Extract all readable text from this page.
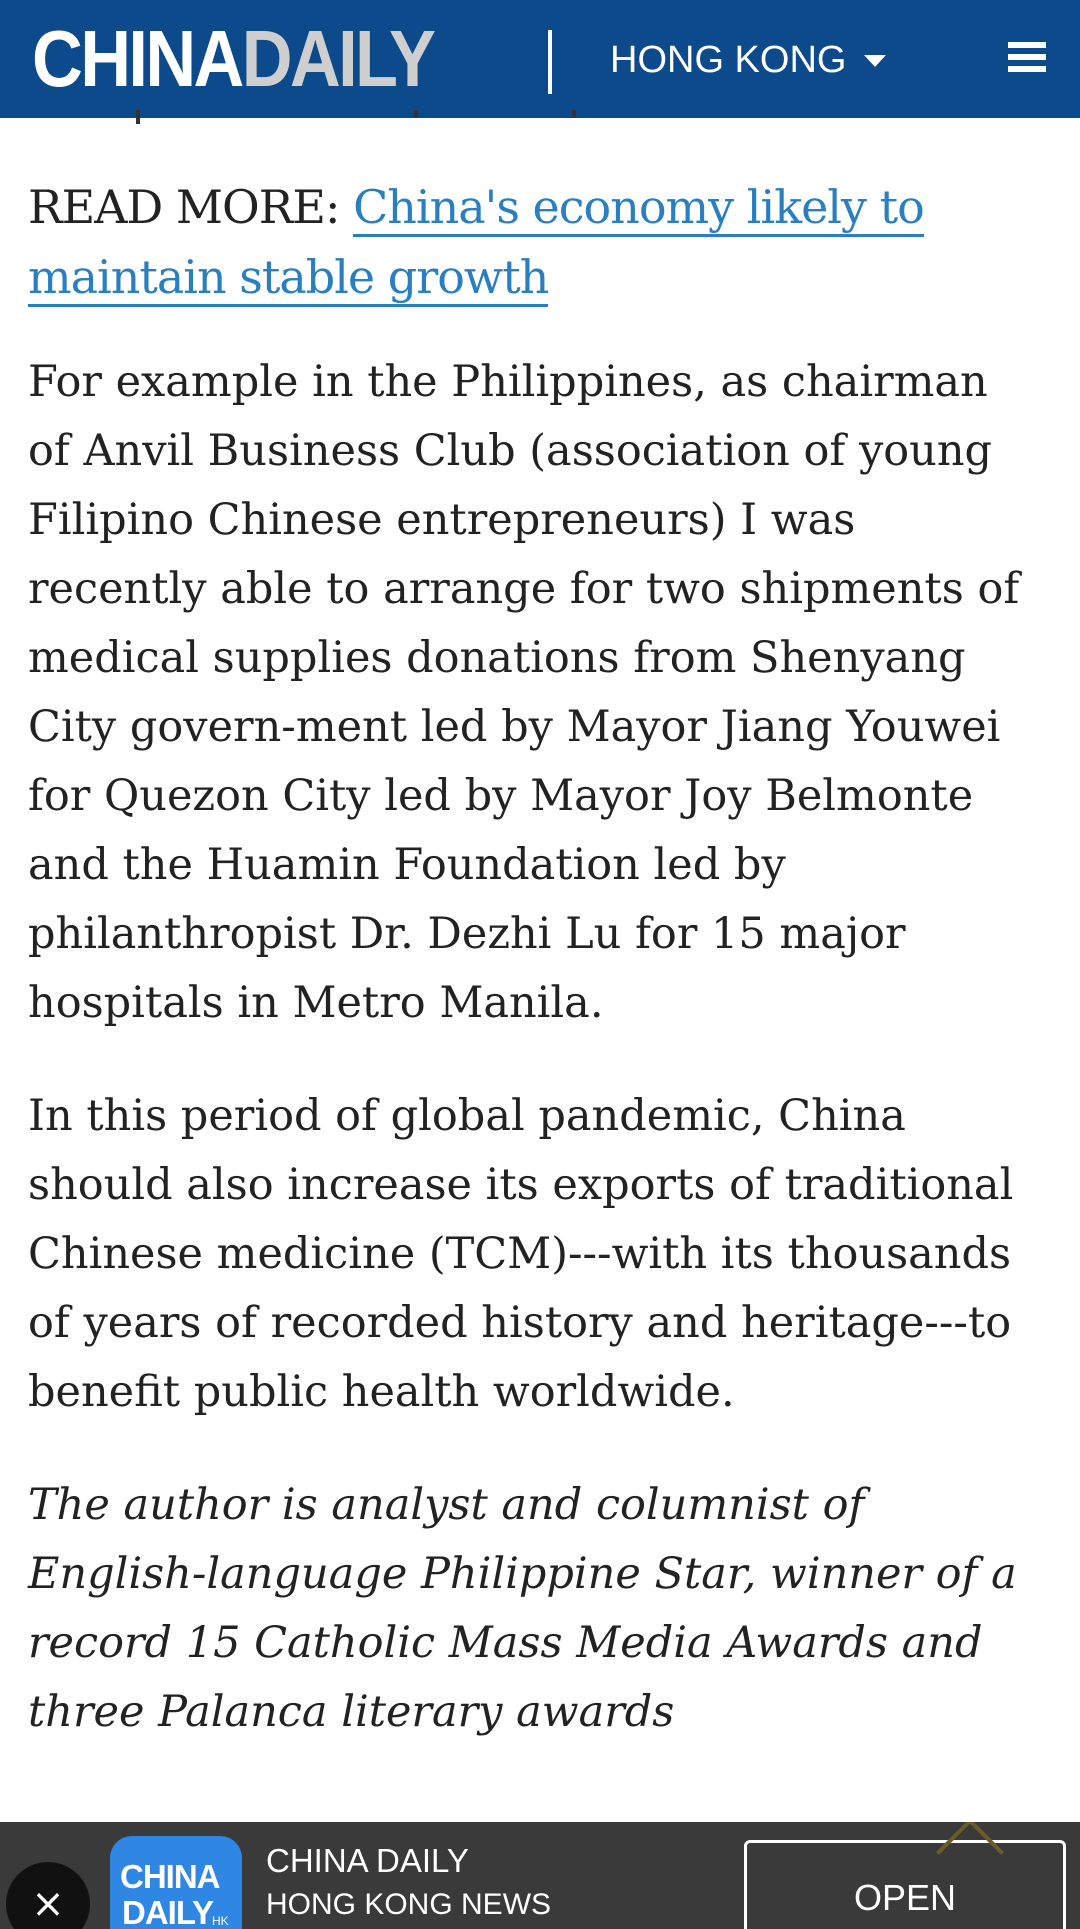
CHINADAILY	HONG KONG

READ MORE: China's economy likely to maintain stable growth

For example in the Philippines, as chairman of Anvil Business Club (association of young Filipino Chinese entrepreneurs) I was recently able to arrange for two shipments of medical supplies donations from Shenyang City govern-ment led by Mayor Jiang Youwei for Quezon City led by Mayor Joy Belmonte and the Huamin Foundation led by philanthropist Dr. Dezhi Lu for 15 major hospitals in Metro Manila.

In this period of global pandemic, China should also increase its exports of traditional Chinese medicine (TCM)---with its thousands of years of recorded history and heritage---to benefit public health worldwide.

The author is analyst and columnist of English-language Philippine Star, winner of a record 15 Catholic Mass Media Awards and three Palanca literary awards

×
CHINA
DAILY HK
CHINA DAILY
HONG KONG NEWS	OPEN
